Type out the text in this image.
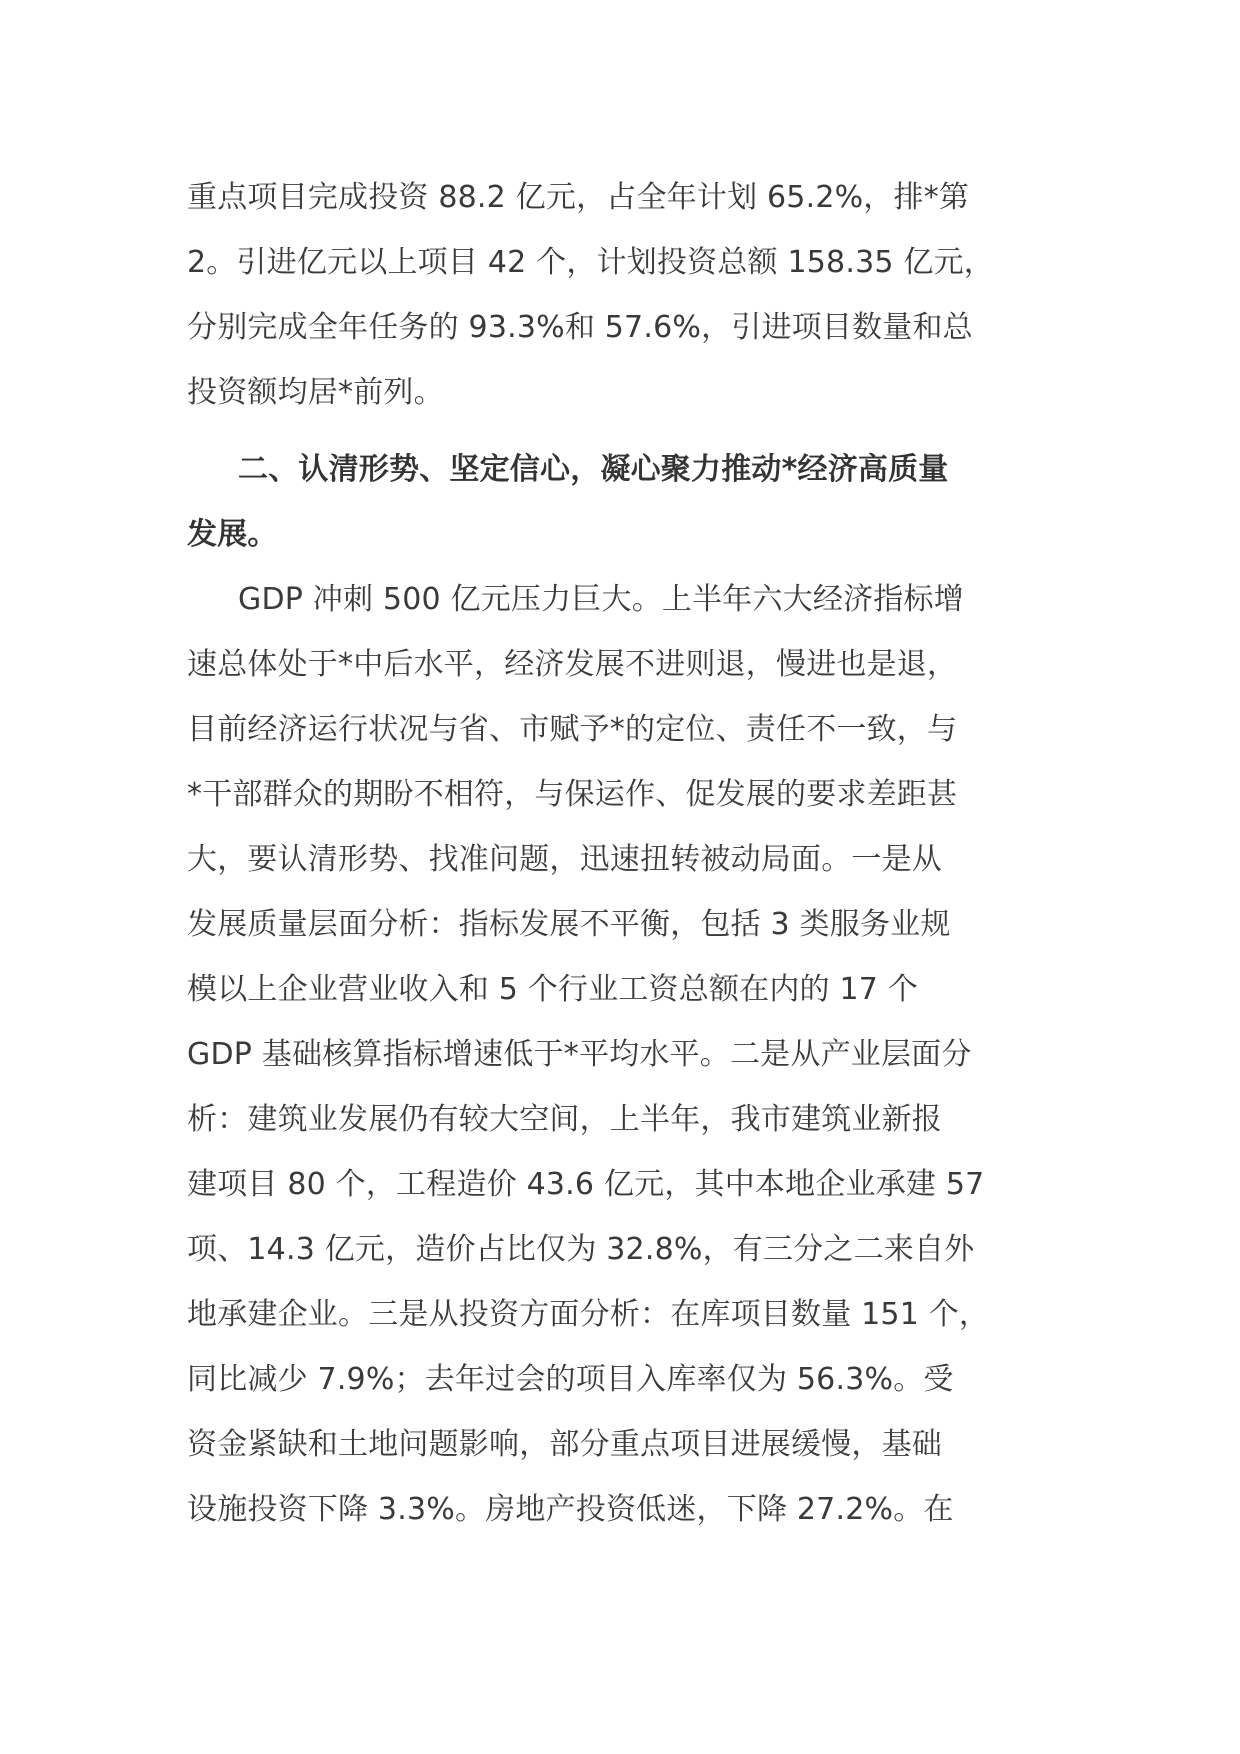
重点项目完成投资 88.2 亿元，占全年计划 65.2%，排*第
2。引进亿元以上项目 42 个，计划投资总额 158.35 亿元，
分别完成全年任务的 93.3%和 57.6%，引进项目数量和总
投资额均居*前列。
二、认清形势、坚定信心，凝心聚力推动*经济高质量
发展。
GDP 冲刺 500 亿元压力巨大。上半年六大经济指标增
速总体处于*中后水平，经济发展不进则退，慢进也是退，
目前经济运行状况与省、市赋予*的定位、责任不一致，与
*干部群众的期盼不相符，与保运作、促发展的要求差距甚
大，要认清形势、找准问题，迅速扭转被动局面。一是从
发展质量层面分析：指标发展不平衡，包括 3 类服务业规
模以上企业营业收入和 5 个行业工资总额在内的 17 个
GDP 基础核算指标增速低于*平均水平。二是从产业层面分
析：建筑业发展仍有较大空间，上半年，我市建筑业新报
建项目 80 个，工程造价 43.6 亿元，其中本地企业承建 57
项、14.3 亿元，造价占比仅为 32.8%，有三分之二来自外
地承建企业。三是从投资方面分析：在库项目数量 151 个，
同比减少 7.9%；去年过会的项目入库率仅为 56.3%。受
资金紧缺和土地问题影响，部分重点项目进展缓慢，基础
设施投资下降 3.3%。房地产投资低迷，下降 27.2%。在
